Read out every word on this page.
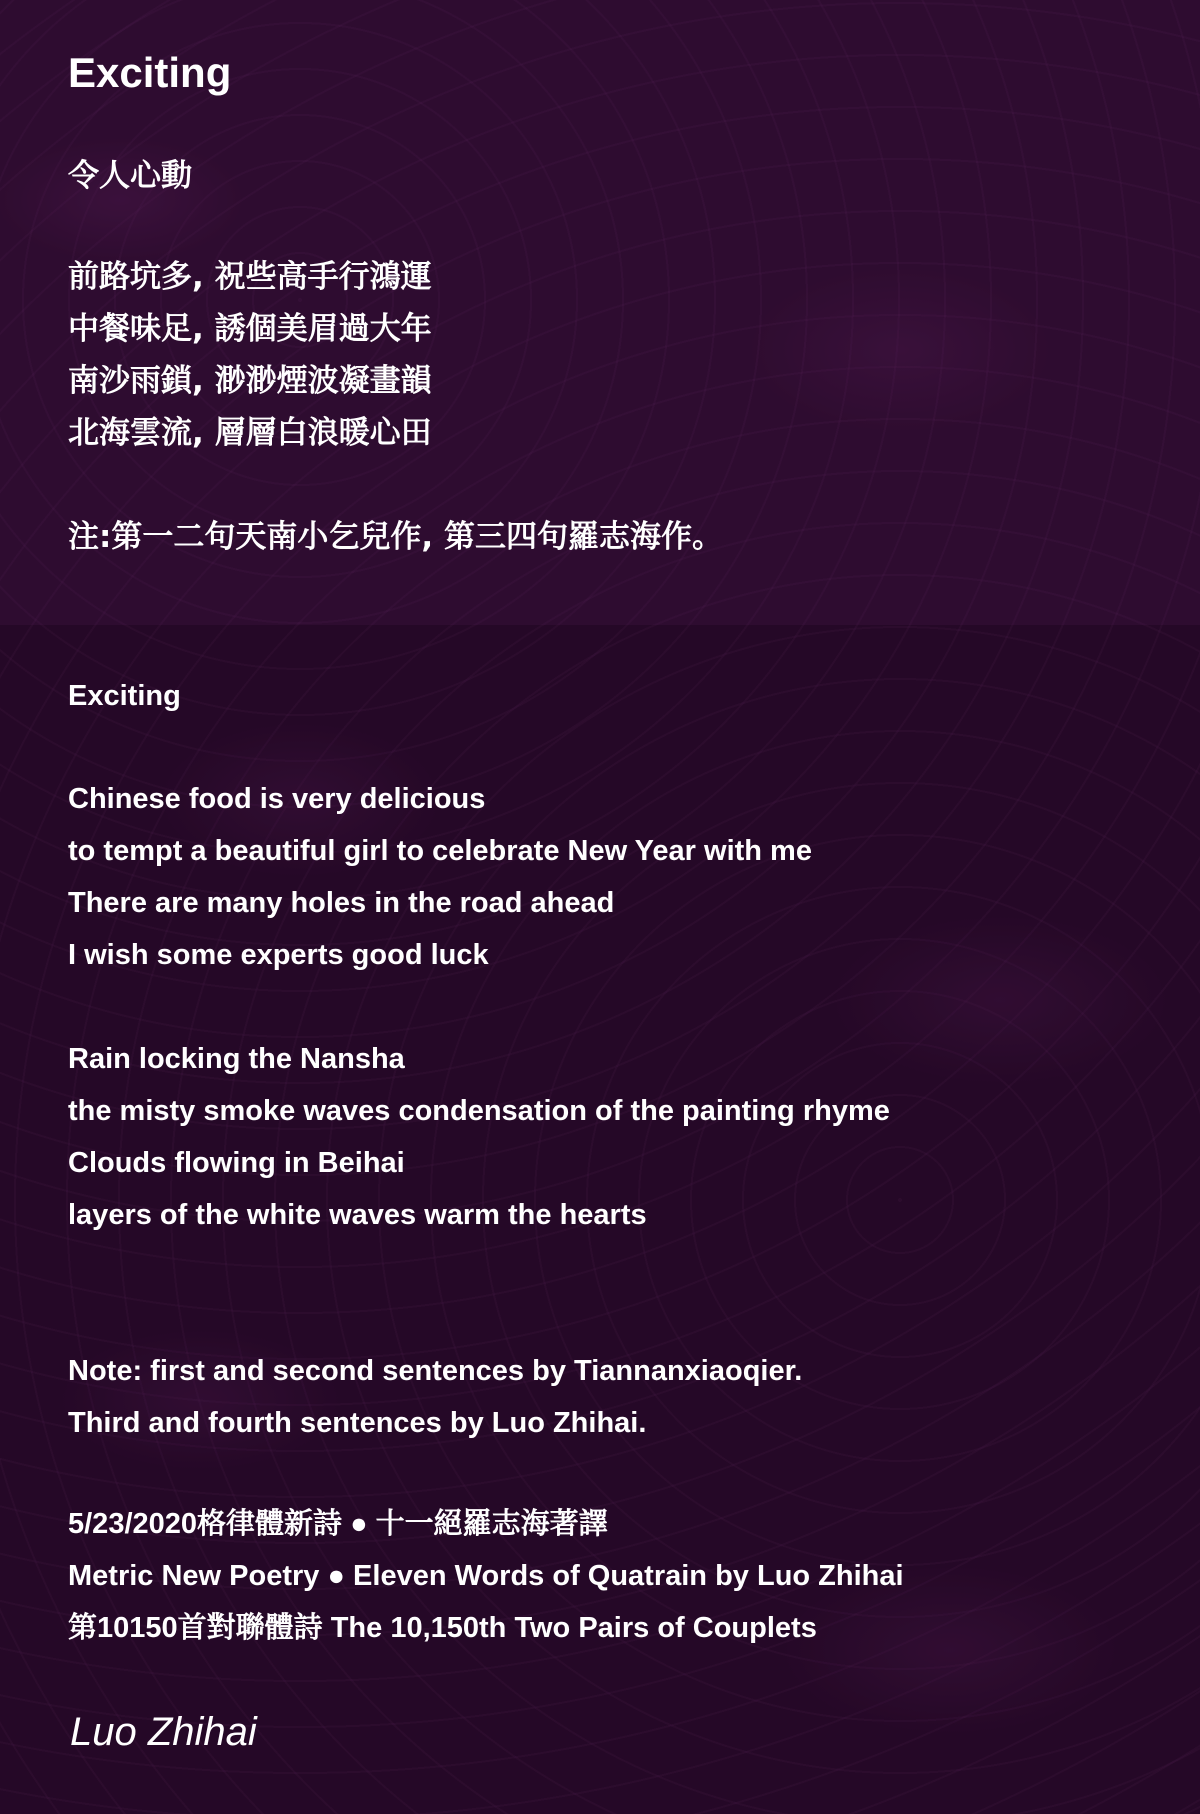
Exciting
令人心動
前路坑多, 祝些高手行鴻運
中餐味足, 誘個美眉過大年
南沙雨鎖, 渺渺煙波凝畫韻
北海雲流, 層層白浪暖心田
注:第一二句天南小乞兒作, 第三四句羅志海作。
Exciting
Chinese food is very delicious
to tempt a beautiful girl to celebrate New Year with me
There are many holes in the road ahead
I wish some experts good luck
Rain locking the Nansha
the misty smoke waves condensation of the painting rhyme
Clouds flowing in Beihai
layers of the white waves warm the hearts
Note: first and second sentences by Tiannanxiaoqier.
Third and fourth sentences by Luo Zhihai.
5/23/2020格律體新詩 ● 十一絕羅志海著譯
Metric New Poetry ● Eleven Words of Quatrain by Luo Zhihai
第10150首對聯體詩 The 10,150th Two Pairs of Couplets
Luo Zhihai
